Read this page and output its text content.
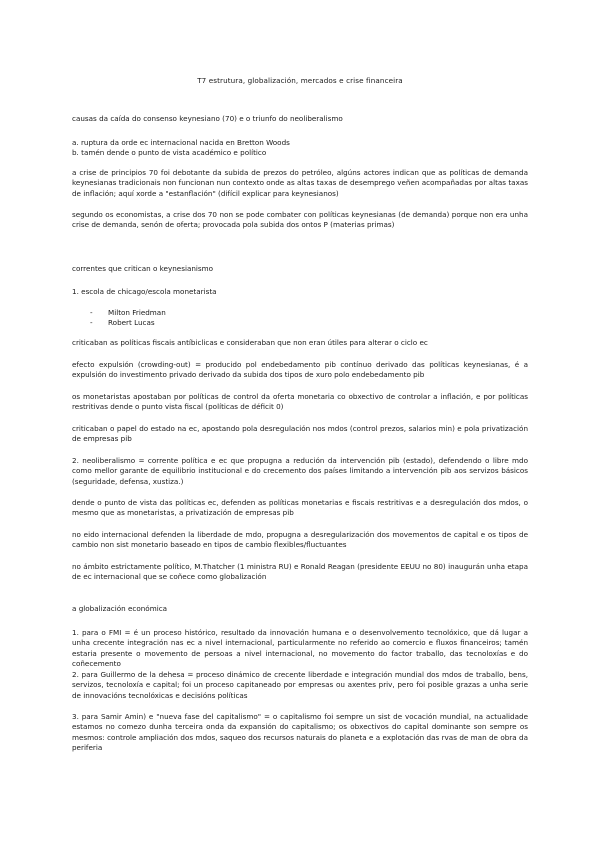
T7 estrutura, globalización, mercados e crise financeira
causas da caída do consenso keynesiano (70) e o triunfo do neoliberalismo
a. ruptura da orde ec internacional nacida en Bretton Woods
b. tamén dende o punto de vista académico e político
a crise de principios 70 foi debotante da subida de prezos do petróleo, algúns actores indican que as políticas de demanda keynesianas tradicionais non funcionan nun contexto onde as altas taxas de desemprego veñen acompañadas por altas taxas de inflación; aquí xorde a "estanflación" (difícil explicar para keynesianos)
segundo os economistas, a crise dos 70 non se pode combater con políticas keynesianas (de demanda) porque non era unha crise de demanda, senón de oferta; provocada pola subida dos ontos P (materias primas)
correntes que critican o keynesianismo
1. escola de chicago/escola monetarista
- Milton Friedman
- Robert Lucas
criticaban as políticas fiscais antíbiclicas e consideraban que non eran útiles para alterar o ciclo ec
efecto expulsión (crowding-out) = producido pol endebedamento pib contínuo derivado das políticas keynesianas, é a expulsión do investimento privado derivado da subida dos tipos de xuro polo endebedamento pib
os monetaristas apostaban por políticas de control da oferta monetaria co obxectivo de controlar a inflación, e por políticas restritivas dende o punto vista fiscal (políticas de déficit 0)
criticaban o papel do estado na ec, apostando pola desregulación nos mdos (control prezos, salarios min) e pola privatización de empresas pib
2. neoliberalismo = corrente política e ec que propugna a redución da intervención pib (estado), defendendo o libre mdo como mellor garante de equilibrio institucional e do crecemento dos países limitando a intervención pib aos servizos básicos (seguridade, defensa, xustiza.)
dende o punto de vista das políticas ec, defenden as políticas monetarias e fiscais restritivas e a desregulación dos mdos, o mesmo que as monetaristas, a privatización de empresas pib
no eido internacional defenden la liberdade de mdo, propugna a desregularización dos movementos de capital e os tipos de cambio non sist monetario baseado en tipos de cambio flexibles/fluctuantes
no ámbito estrictamente político, M.Thatcher (1 ministra RU) e Ronald Reagan (presidente EEUU no 80) inaugurán unha etapa de ec internacional que se coñece como globalización
a globalización económica
1. para o FMI = é un proceso histórico, resultado da innovación humana e o desenvolvemento tecnolóxico, que dá lugar a unha crecente integración nas ec a nivel internacional, particularmente no referido ao comercio e fluxos financeiros; tamén estaria presente o movemento de persoas a nivel internacional, no movemento do factor traballo, das tecnoloxías e do coñecemento
2. para Guillermo de la dehesa = proceso dinámico de crecente liberdade e integración mundial dos mdos de traballo, bens, servizos, tecnoloxía e capital; foi un proceso capitaneado por empresas ou axentes priv, pero foi posible grazas a unha serie de innovacións tecnolóxicas e decisións políticas
3. para Samir Amin) e "nueva fase del capitalismo" = o capitalismo foi sempre un sist de vocación mundial, na actualidade estamos no comezo dunha terceira onda da expansión do capitalismo; os obxectivos do capital dominante son sempre os mesmos: controle ampliación dos mdos, saqueo dos recursos naturais do planeta e a explotación das rvas de man de obra da periferia
